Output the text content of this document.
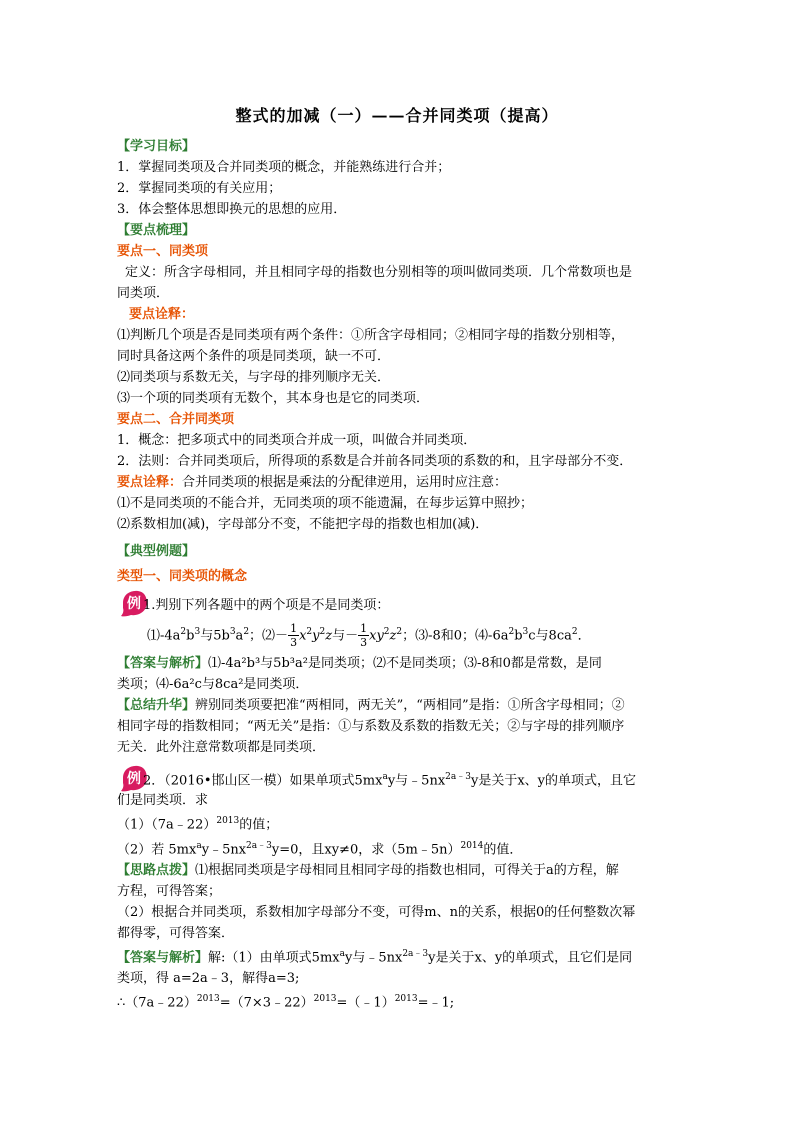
整式的加减（一）——合并同类项（提高）
【学习目标】
1．掌握同类项及合并同类项的概念，并能熟练进行合并；
2．掌握同类项的有关应用；
3．体会整体思想即换元的思想的应用．
【要点梳理】
要点一、同类项
定义：所含字母相同，并且相同字母的指数也分别相等的项叫做同类项．几个常数项也是
同类项．
要点诠释：
⑴判断几个项是否是同类项有两个条件：①所含字母相同；②相同字母的指数分别相等，
同时具备这两个条件的项是同类项，缺一不可．
⑵同类项与系数无关，与字母的排列顺序无关．
⑶一个项的同类项有无数个，其本身也是它的同类项．
要点二、合并同类项
1．概念：把多项式中的同类项合并成一项，叫做合并同类项．
2．法则：合并同类项后，所得项的系数是合并前各同类项的系数的和，且字母部分不变．
要点诠释：合并同类项的根据是乘法的分配律逆用，运用时应注意：
⑴不是同类项的不能合并，无同类项的项不能遗漏，在每步运算中照抄；
⑵系数相加(减)，字母部分不变，不能把字母的指数也相加(减)．
【典型例题】
类型一、同类项的概念
例 1.判别下列各题中的两个项是不是同类项：
$⑴-4a^2b^3$与$5b^3a^2$；⑵－ $\frac{1}{3} x^2y^2z$与－ $\frac{1}{3} xy^2z^2$；⑶-8和0；$⑷-6a^2b^3c$与$8ca^2$．
【答案与解析】⑴-4a²b³与5b³a²是同类项；⑵不是同类项；⑶-8和0都是常数，是同
类项；⑷-6a²c与8ca²是同类项．
【总结升华】辨别同类项要把准“两相同，两无关”，“两相同”是指：①所含字母相同；②
相同字母的指数相同；“两无关”是指：①与系数及系数的指数无关；②与字母的排列顺序
无关．此外注意常数项都是同类项．
例 2．（2016•邯山区一模）如果单项式$5mx^ay$与$﹣5nx^{2a﹣3}y$是关于x、y的单项式，且它
们是同类项．求
（1）（7a﹣22）$^{2013}$的值；
（2）若 $5mx^ay﹣5nx^{2a﹣3}y=0$，且xy≠0，求（5m﹣5n）$^{2014}$的值．
【思路点拨】⑴根据同类项是字母相同且相同字母的指数也相同，可得关于a的方程，解
方程，可得答案；
（2）根据合并同类项，系数相加字母部分不变，可得m、n的关系，根据0的任何整数次幂
都得零，可得答案．
【答案与解析】解:（1）由单项式$5mx^ay$与$﹣5nx^{2a﹣3}y$是关于x、y的单项式，且它们是同
类项，得 a=2a﹣3，解得a=3;
∴（7a﹣22）$^{2013}$=（7×3﹣22）$^{2013}$=（﹣1）$^{2013}$=﹣1;
